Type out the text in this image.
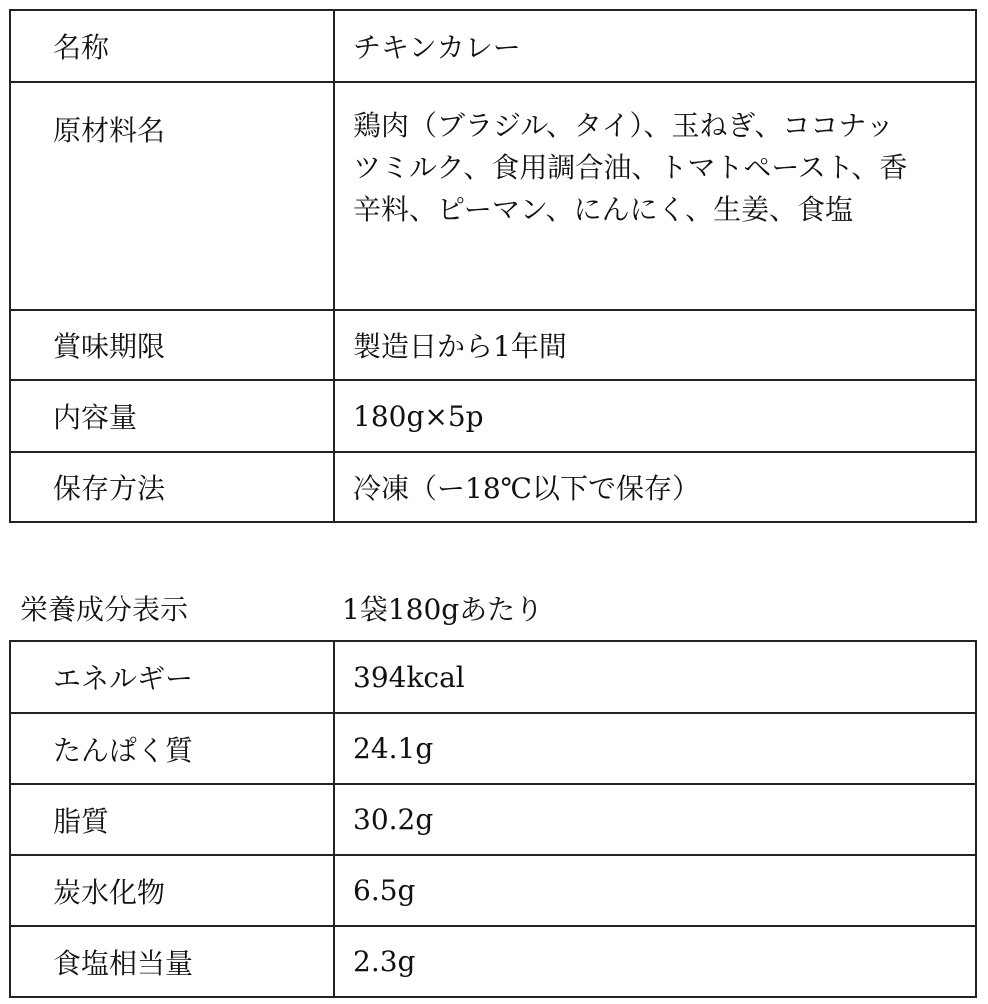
名称	チキンカレー
原材料名	鶏肉（ブラジル、タイ）、玉ねぎ、ココナッ
ツミルク、食用調合油、トマトペースト、香
辛料、ピーマン、にんにく、生姜、食塩
賞味期限	製造日から1年間
内容量	180g×5p
保存方法	冷凍（ー18℃以下で保存）
栄養成分表示	1袋180gあたり
エネルギー	394kcal
たんぱく質	24.1g
脂質	30.2g
炭水化物	6.5g
食塩相当量	2.3g
